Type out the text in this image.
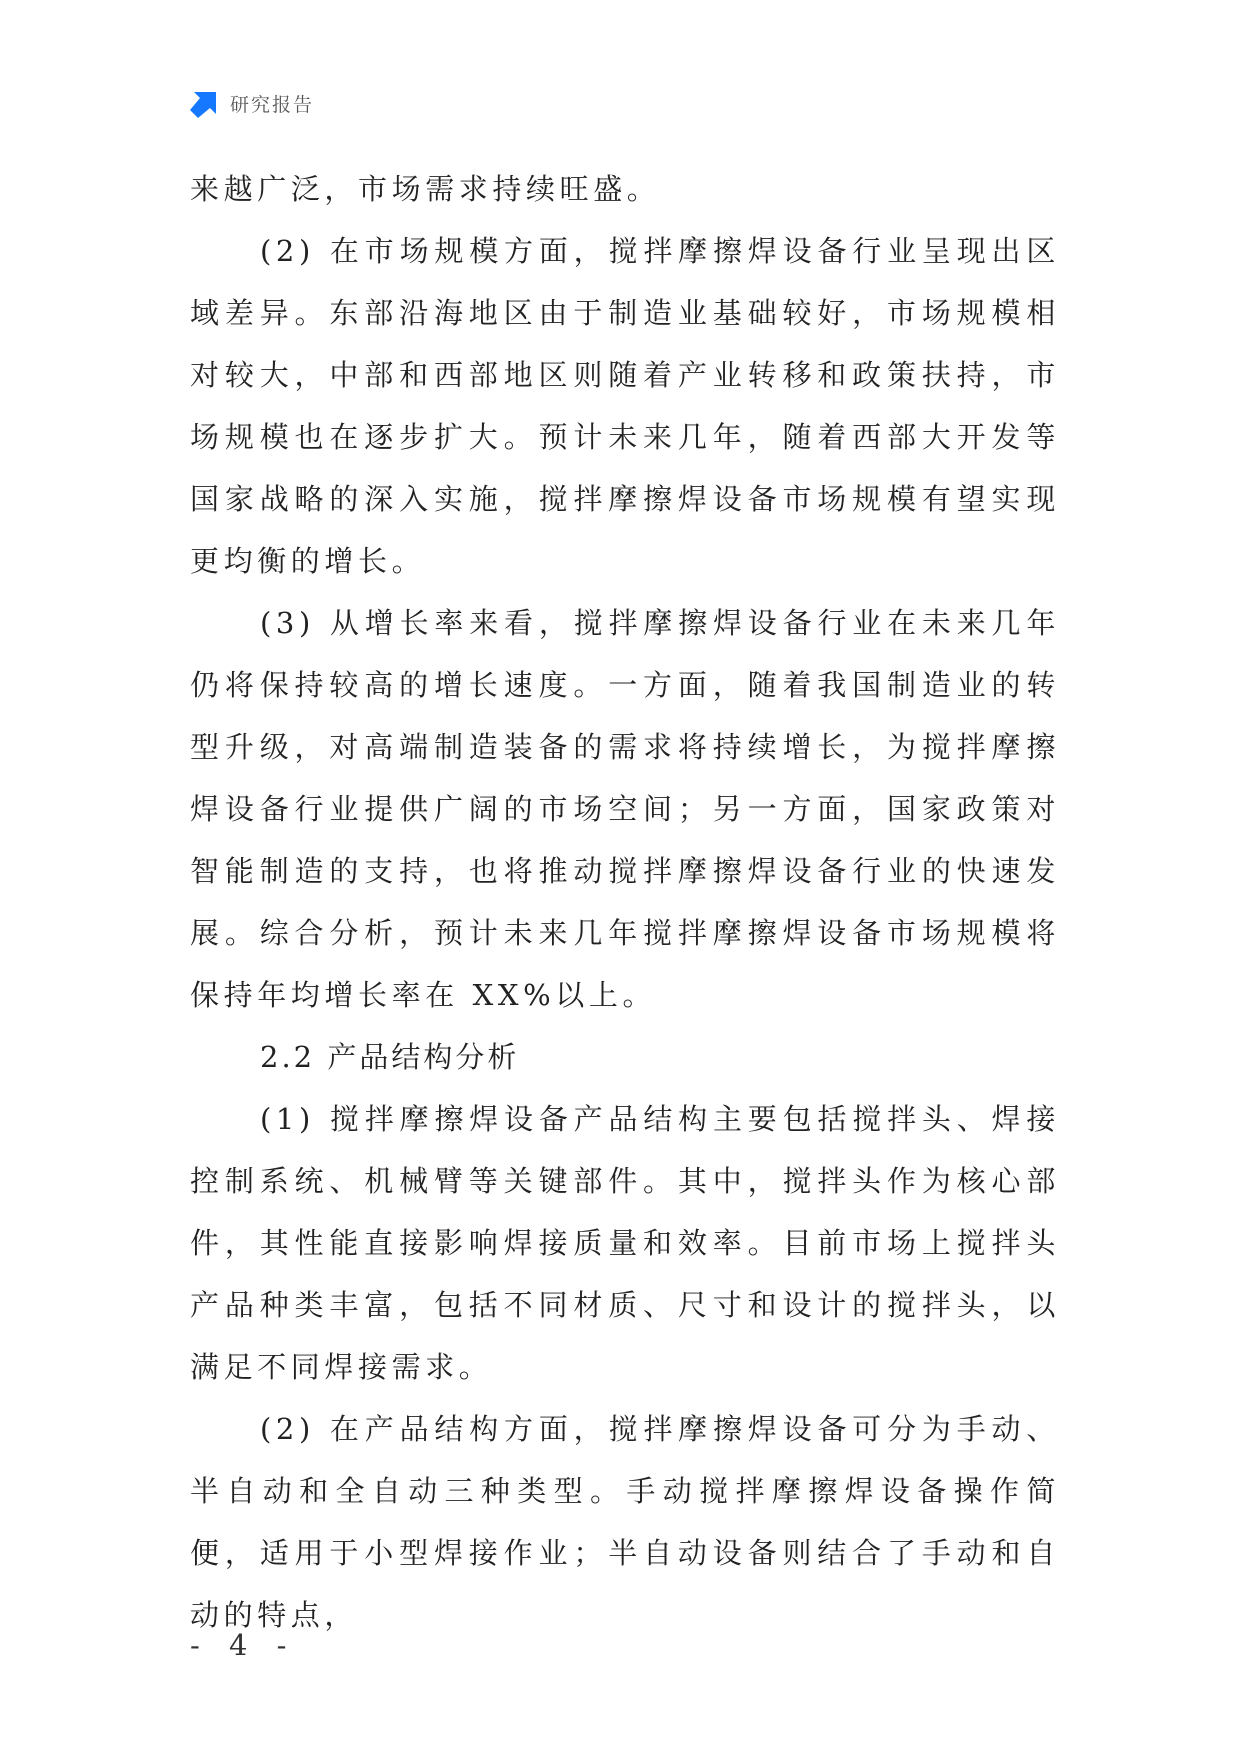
研究报告

来越广泛，市场需求持续旺盛。

(2) 在市场规模方面，搅拌摩擦焊设备行业呈现出区域差异。东部沿海地区由于制造业基础较好，市场规模相对较大，中部和西部地区则随着产业转移和政策扶持，市场规模也在逐步扩大。预计未来几年，随着西部大开发等国家战略的深入实施，搅拌摩擦焊设备市场规模有望实现更均衡的增长。

(3) 从增长率来看，搅拌摩擦焊设备行业在未来几年仍将保持较高的增长速度。一方面，随着我国制造业的转型升级，对高端制造装备的需求将持续增长，为搅拌摩擦焊设备行业提供广阔的市场空间；另一方面，国家政策对智能制造的支持，也将推动搅拌摩擦焊设备行业的快速发展。综合分析，预计未来几年搅拌摩擦焊设备市场规模将保持年均增长率在 XX%以上。

2.2 产品结构分析

(1) 搅拌摩擦焊设备产品结构主要包括搅拌头、焊接控制系统、机械臂等关键部件。其中，搅拌头作为核心部件，其性能直接影响焊接质量和效率。目前市场上搅拌头产品种类丰富，包括不同材质、尺寸和设计的搅拌头，以满足不同焊接需求。

(2) 在产品结构方面，搅拌摩擦焊设备可分为手动、半自动和全自动三种类型。手动搅拌摩擦焊设备操作简便，适用于小型焊接作业；半自动设备则结合了手动和自动的特点，

- 4 -
